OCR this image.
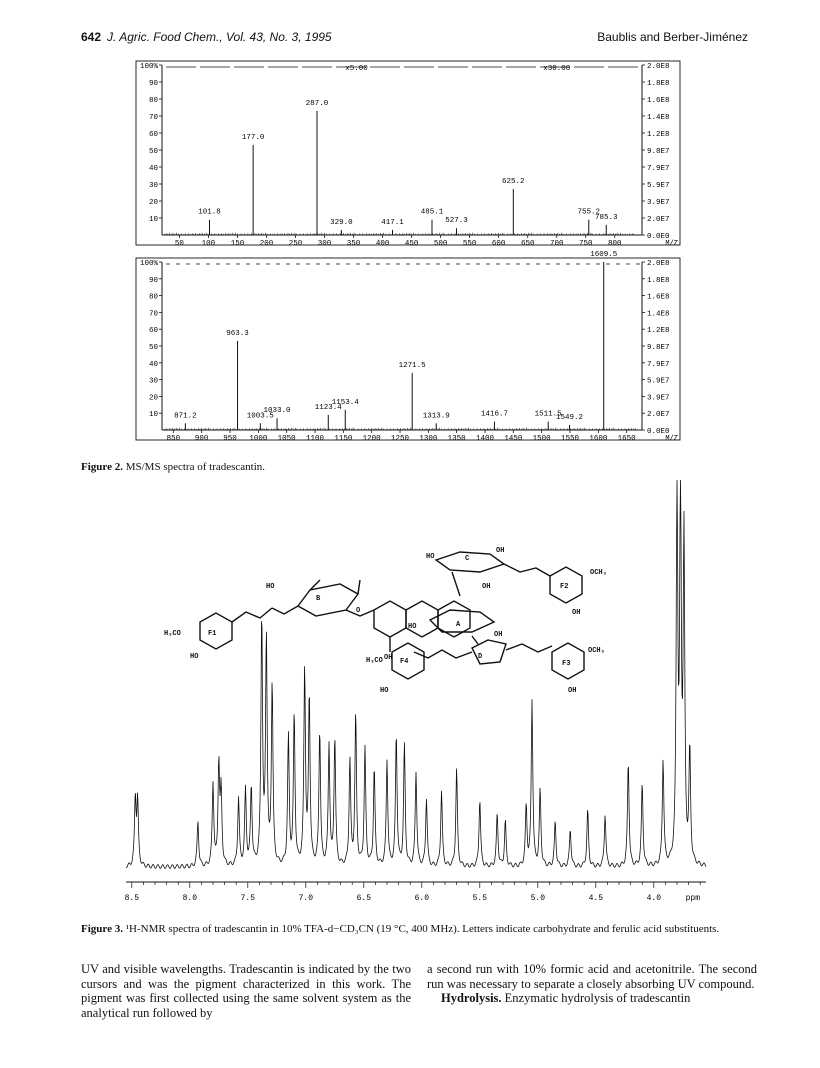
642 J. Agric. Food Chem., Vol. 43, No. 3, 1995	Baublis and Berber-Jiménez
10
20
30
40
50
60
70
80
90
100%
0.0E0
2.0E7
3.9E7
5.9E7
7.9E7
9.8E7
1.2E8
1.4E8
1.6E8
1.8E8
2.0E8
50 100 150 200 250 300 350 400 450 500 550 600 650 700 750 800	M/Z
x5.00	x30.00
101.8
177.0
287.0
329.0	417.1
485.1
527.3
625.2
755.2
785.3
10
20
30
40
50
60
70
80
90
100%
0.0E0
2.0E7
3.9E7
5.9E7
7.9E7
9.8E7
1.2E8
1.4E8
1.6E8
1.8E8
2.0E8
850 900 950 1000 1050 1100 1150 1200 1250 1300 1350 1400 1450 1500 1550 1600 1650	M/Z
871.2
963.3
1003.5
1033.0	1123.4
1153.4
1271.5
1313.9	1416.7	1511.5
1549.2
1609.5
Figure 2. MS/MS spectra of tradescantin.
H₃CO	F1
HO
B
HO
O
OH
C
HO
OH
OH	F2
OCH₃
OH
A
HO
OH
D
F4
H₃CO
HO
F3
OCH₃
OH
8.5	8.0	7.5	7.0	6.5	6.0	5.5	5.0	4.5	4.0	ppm
Figure 3. ¹H-NMR spectra of tradescantin in 10% TFA-d−CD₃CN (19 °C, 400 MHz). Letters indicate carbohydrate and ferulic acid substituents.
UV and visible wavelengths. Tradescantin is indicated by the two cursors and was the pigment characterized in this work. The pigment was first collected using the same solvent system as the analytical run followed by
a second run with 10% formic acid and acetonitrile. The second run was necessary to separate a closely absorbing UV compound.
Hydrolysis. Enzymatic hydrolysis of tradescantin
